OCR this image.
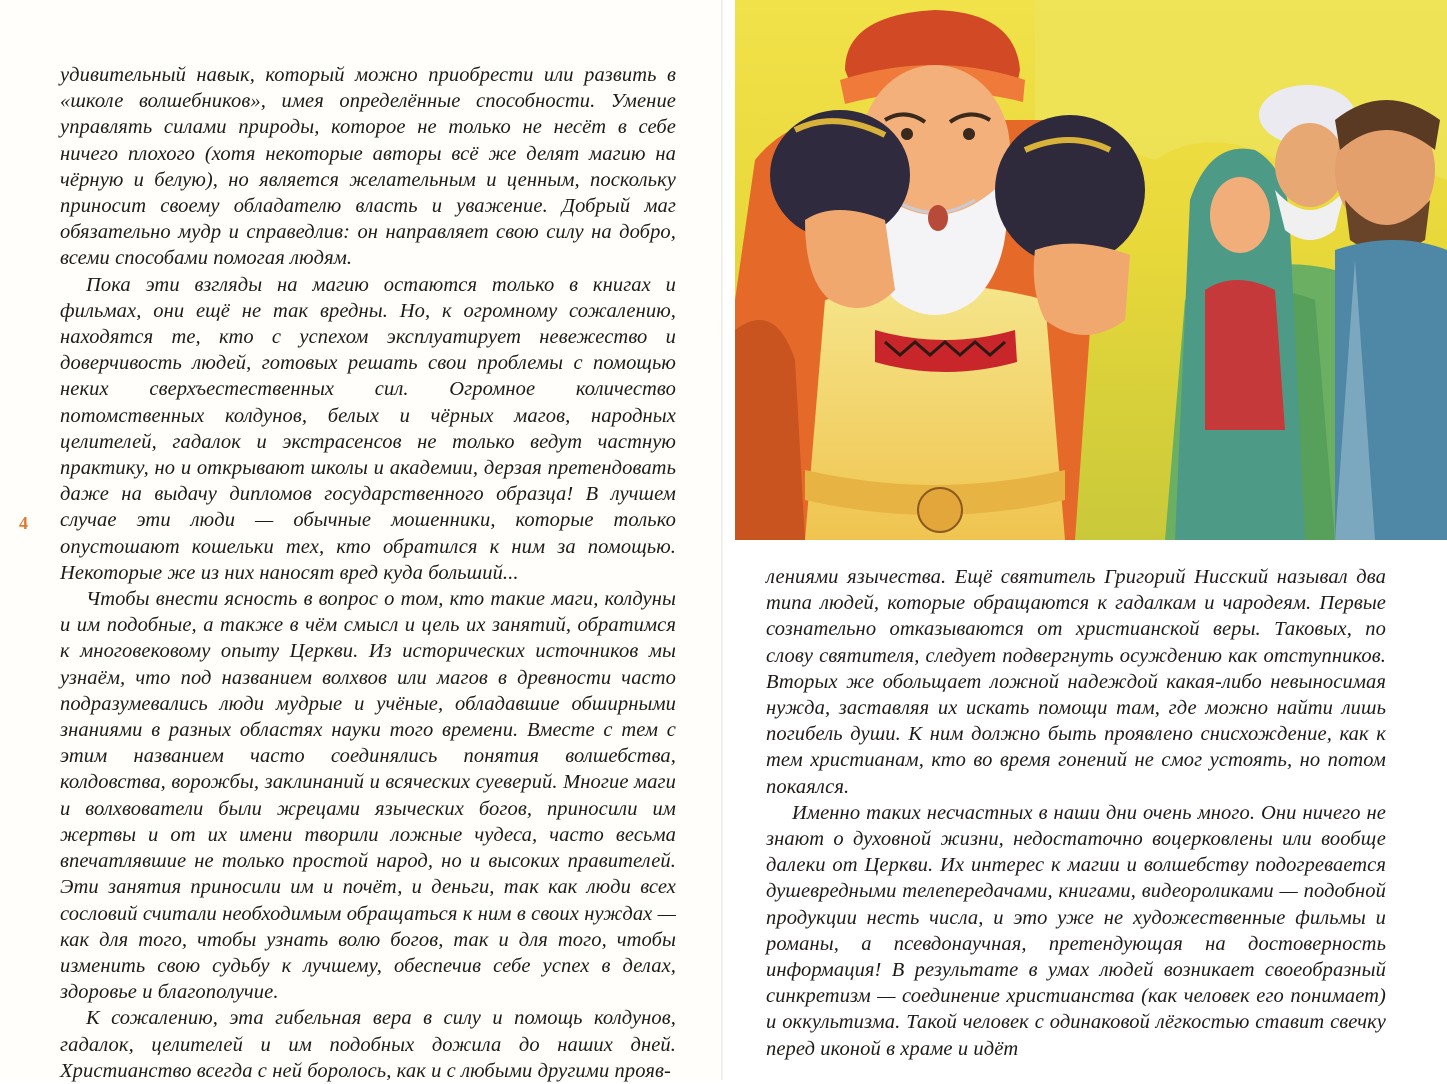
удивительный навык, который можно приобрести или развить в «школе волшебников», имея определённые способности. Умение управлять силами природы, которое не только не несёт в себе ничего плохого (хотя некоторые авторы всё же делят магию на чёрную и белую), но является желательным и ценным, поскольку приносит своему обладателю власть и уважение. Добрый маг обязательно мудр и справедлив: он направляет свою силу на добро, всеми способами помогая людям.

Пока эти взгляды на магию остаются только в книгах и фильмах, они ещё не так вредны. Но, к огромному сожалению, находятся те, кто с успехом эксплуатирует невежество и доверчивость людей, готовых решать свои проблемы с помощью неких сверхъестественных сил. Огромное количество потомственных колдунов, белых и чёрных магов, народных целителей, гадалок и экстрасенсов не только ведут частную практику, но и открывают школы и академии, дерзая претендовать даже на выдачу дипломов государственного образца! В лучшем случае эти люди — обычные мошенники, которые только опустошают кошельки тех, кто обратился к ним за помощью. Некоторые же из них наносят вред куда больший...

Чтобы внести ясность в вопрос о том, кто такие маги, колдуны и им подобные, а также в чём смысл и цель их занятий, обратимся к многовековому опыту Церкви. Из исторических источников мы узнаём, что под названием волхвов или магов в древности часто подразумевались люди мудрые и учёные, обладавшие обширными знаниями в разных областях науки того времени. Вместе с тем с этим названием часто соединялись понятия волшебства, колдовства, ворожбы, заклинаний и всяческих суеверий. Многие маги и волхвователи были жрецами языческих богов, приносили им жертвы и от их имени творили ложные чудеса, часто весьма впечатлявшие не только простой народ, но и высоких правителей. Эти занятия приносили им и почёт, и деньги, так как люди всех сословий считали необходимым обращаться к ним в своих нуждах — как для того, чтобы узнать волю богов, так и для того, чтобы изменить свою судьбу к лучшему, обеспечив себе успех в делах, здоровье и благополучие.

К сожалению, эта гибельная вера в силу и помощь колдунов, гадалок, целителей и им подобных дожила до наших дней. Христианство всегда с ней боролось, как и с любыми другими прояв-

4

лениями язычества. Ещё святитель Григорий Нисский называл два типа людей, которые обращаются к гадалкам и чародеям. Первые сознательно отказываются от христианской веры. Таковых, по слову святителя, следует подвергнуть осуждению как отступников. Вторых же обольщает ложной надеждой какая-либо невыносимая нужда, заставляя их искать помощи там, где можно найти лишь погибель души. К ним должно быть проявлено снисхождение, как к тем христианам, кто во время гонений не смог устоять, но потом покаялся.

Именно таких несчастных в наши дни очень много. Они ничего не знают о духовной жизни, недостаточно воцерковлены или вообще далеки от Церкви. Их интерес к магии и волшебству подогревается душевредными телепередачами, книгами, видеороликами — подобной продукции несть числа, и это уже не художественные фильмы и романы, а псевдонаучная, претендующая на достоверность информация! В результате в умах людей возникает своеобразный синкретизм — соединение христианства (как человек его понимает) и оккультизма. Такой человек с одинаковой лёгкостью ставит свечку перед иконой в храме и идёт
